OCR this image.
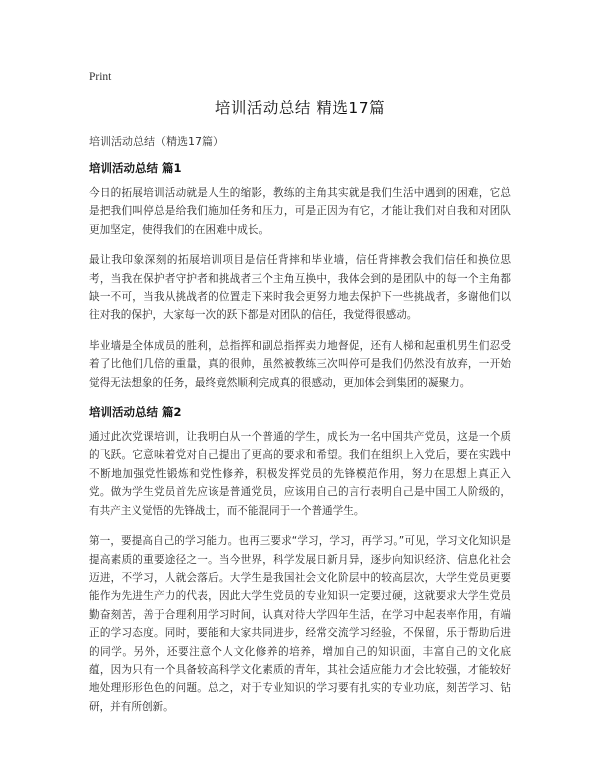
Print
培训活动总结 精选17篇

培训活动总结（精选17篇）

培训活动总结 篇1

今日的拓展培训活动就是人生的缩影，教练的主角其实就是我们生活中遇到的困难，它总是把我们叫停总是给我们施加任务和压力，可是正因为有它，才能让我们对自我和对团队更加坚定，使得我们的在困难中成长。

最让我印象深刻的拓展培训项目是信任背摔和毕业墙，信任背摔教会我们信任和换位思考，当我在保护者守护者和挑战者三个主角互换中，我体会到的是团队中的每一个主角都缺一不可，当我从挑战者的位置走下来时我会更努力地去保护下一些挑战者，多谢他们以往对我的保护，大家每一次的跃下都是对团队的信任，我觉得很感动。

毕业墙是全体成员的胜利，总指挥和副总指挥卖力地督促，还有人梯和起重机男生们忍受着了比他们几倍的重量，真的很帅，虽然被教练三次叫停可是我们仍然没有放弃，一开始觉得无法想象的任务，最终竟然顺利完成真的很感动，更加体会到集团的凝聚力。

培训活动总结 篇2

通过此次党课培训，让我明白从一个普通的学生，成长为一名中国共产党员，这是一个质的飞跃。它意味着党对自己提出了更高的要求和希望。我们在组织上入党后，要在实践中不断地加强党性锻炼和党性修养，积极发挥党员的先锋模范作用，努力在思想上真正入党。做为学生党员首先应该是普通党员，应该用自己的言行表明自己是中国工人阶级的，有共产主义觉悟的先锋战士，而不能混同于一个普通学生。

第一，要提高自己的学习能力。也再三要求“学习，学习，再学习。”可见，学习文化知识是提高素质的重要途径之一。当今世界，科学发展日新月异，逐步向知识经济、信息化社会迈进，不学习，人就会落后。大学生是我国社会文化阶层中的较高层次，大学生党员更要能作为先进生产力的代表，因此大学生党员的专业知识一定要过硬，这就要求大学生党员勤奋刻苦，善于合理利用学习时间，认真对待大学四年生活，在学习中起表率作用，有端正的学习态度。同时，要能和大家共同进步，经常交流学习经验，不保留，乐于帮助后进的同学。另外，还要注意个人文化修养的培养，增加自己的知识面，丰富自己的文化底蕴，因为只有一个具备较高科学文化素质的青年，其社会适应能力才会比较强，才能较好地处理形形色色的问题。总之，对于专业知识的学习要有扎实的专业功底，刻苦学习、钻研，并有所创新。
